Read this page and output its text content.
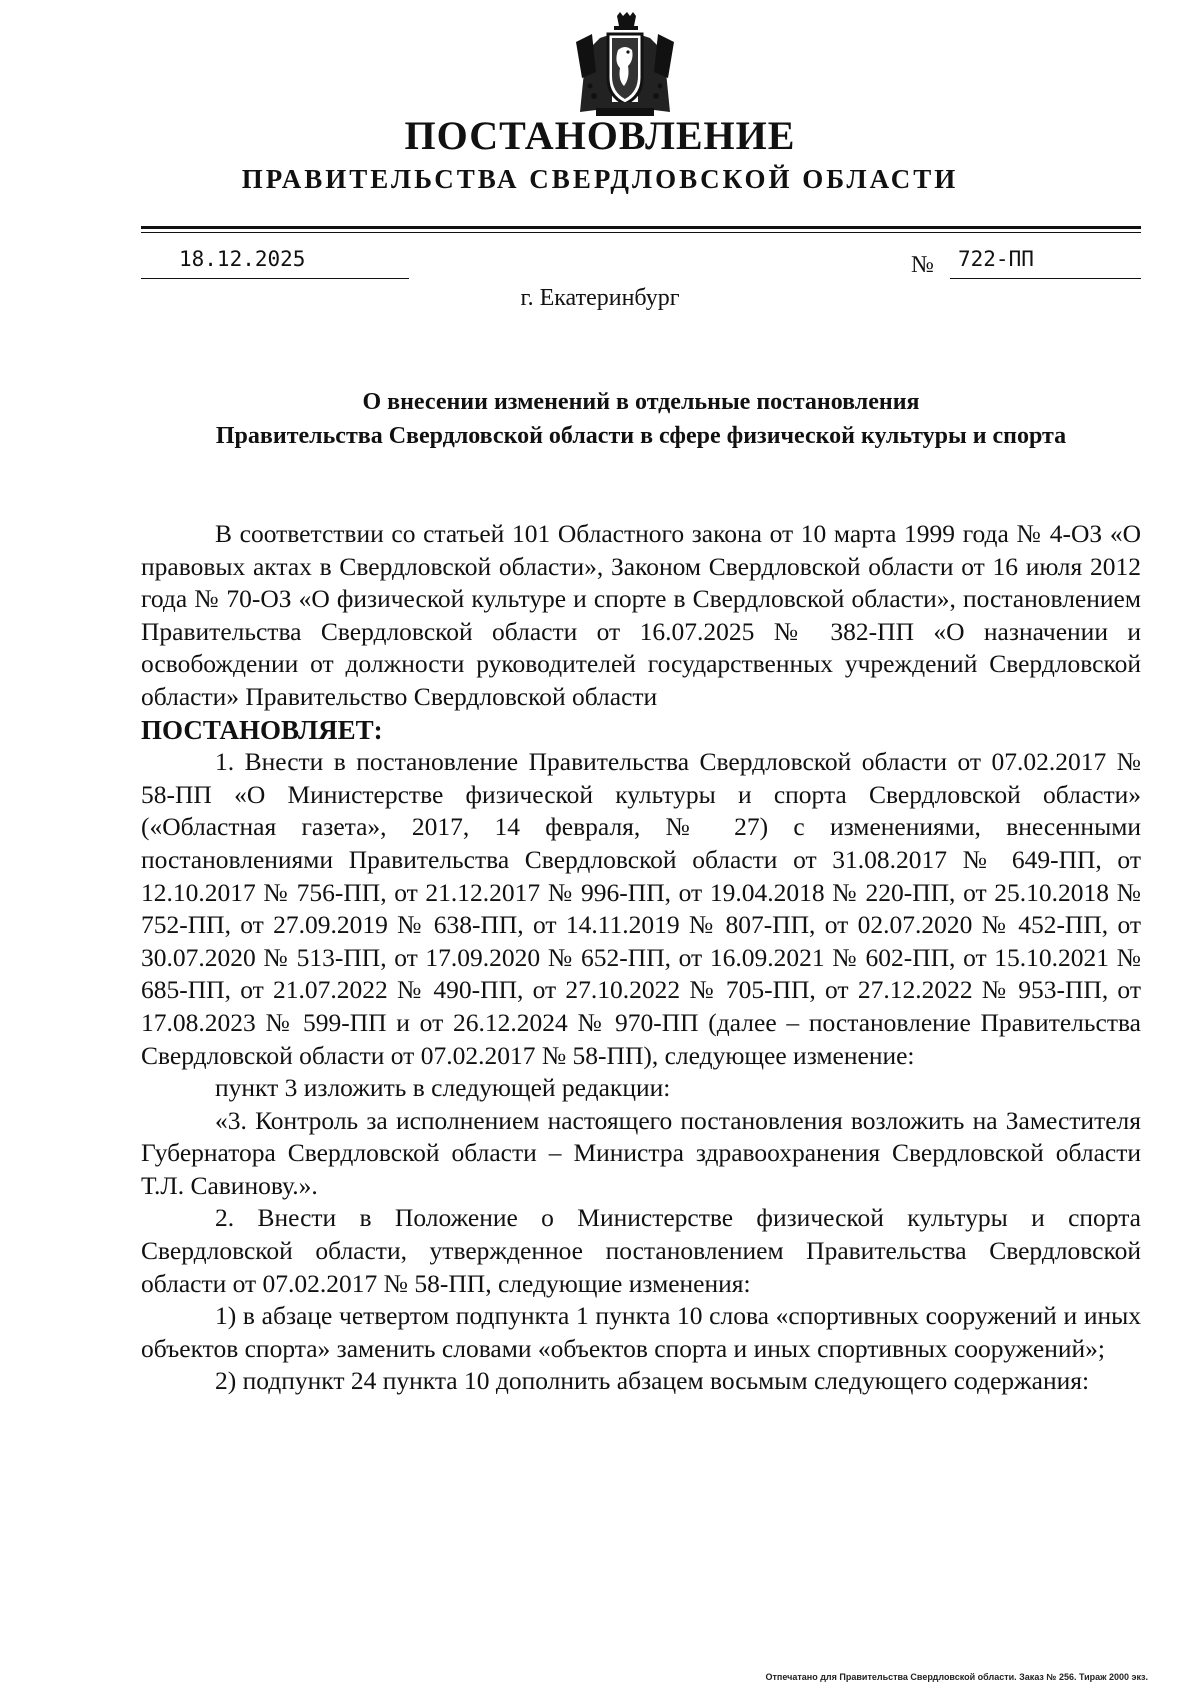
ПОСТАНОВЛЕНИЕ
ПРАВИТЕЛЬСТВА СВЕРДЛОВСКОЙ ОБЛАСТИ
18.12.2025	№	722-ПП
г. Екатеринбург
О внесении изменений в отдельные постановления
Правительства Свердловской области в сфере физической культуры и спорта

В соответствии со статьей 101 Областного закона от 10 марта 1999 года № 4-ОЗ «О правовых актах в Свердловской области», Законом Свердловской области от 16 июля 2012 года № 70-ОЗ «О физической культуре и спорте в Свердловской области», постановлением Правительства Свердловской области от 16.07.2025 № 382-ПП «О назначении и освобождении от должности руководителей государственных учреждений Свердловской области» Правительство Свердловской области

ПОСТАНОВЛЯЕТ:

1. Внести в постановление Правительства Свердловской области от 07.02.2017 № 58-ПП «О Министерстве физической культуры и спорта Свердловской области» («Областная газета», 2017, 14 февраля, № 27) с изменениями, внесенными постановлениями Правительства Свердловской области от 31.08.2017 № 649-ПП, от 12.10.2017 № 756-ПП, от 21.12.2017 № 996-ПП, от 19.04.2018 № 220-ПП, от 25.10.2018 № 752-ПП, от 27.09.2019 № 638-ПП, от 14.11.2019 № 807-ПП, от 02.07.2020 № 452-ПП, от 30.07.2020 № 513-ПП, от 17.09.2020 № 652-ПП, от 16.09.2021 № 602-ПП, от 15.10.2021 № 685-ПП, от 21.07.2022 № 490-ПП, от 27.10.2022 № 705-ПП, от 27.12.2022 № 953-ПП, от 17.08.2023 № 599-ПП и от 26.12.2024 № 970-ПП (далее – постановление Правительства Свердловской области от 07.02.2017 № 58-ПП), следующее изменение:

пункт 3 изложить в следующей редакции:

«3. Контроль за исполнением настоящего постановления возложить на Заместителя Губернатора Свердловской области – Министра здравоохранения Свердловской области Т.Л. Савинову.».

2. Внести в Положение о Министерстве физической культуры и спорта Свердловской области, утвержденное постановлением Правительства Свердловской области от 07.02.2017 № 58-ПП, следующие изменения:

1) в абзаце четвертом подпункта 1 пункта 10 слова «спортивных сооружений и иных объектов спорта» заменить словами «объектов спорта и иных спортивных сооружений»;

2) подпункт 24 пункта 10 дополнить абзацем восьмым следующего содержания:

Отпечатано для Правительства Свердловской области. Заказ № 256. Тираж 2000 экз.
